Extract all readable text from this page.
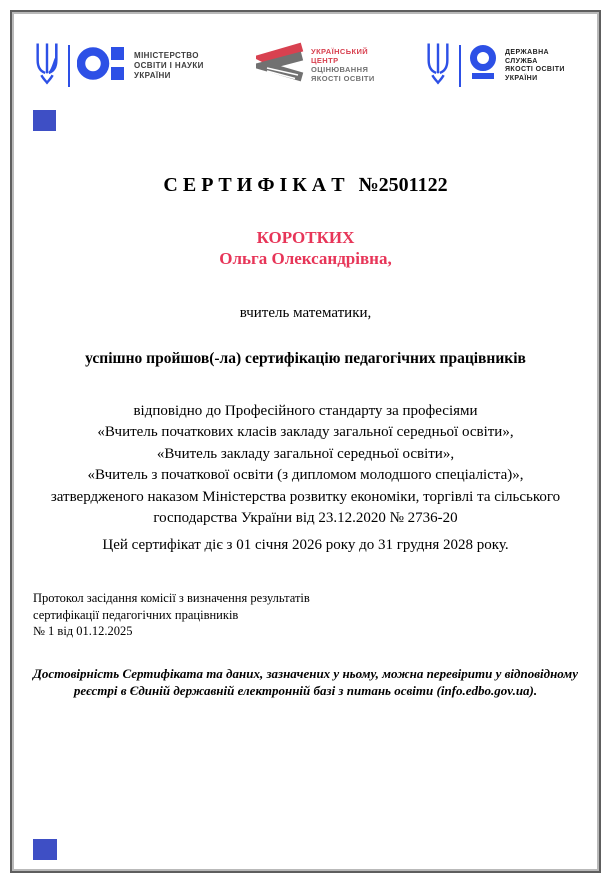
МІНІСТЕРСТВО
ОСВІТИ І НАУКИ
УКРАЇНИ
УКРАЇНСЬКИЙ
ЦЕНТР
ОЦІНЮВАННЯ
ЯКОСТІ ОСВІТИ
ДЕРЖАВНА
СЛУЖБА
ЯКОСТІ ОСВІТИ
УКРАЇНИ
С Е Р Т И Ф І К А Т №2501122
КОРОТКИХ
Ольга Олександрівна,
вчитель математики,
успішно пройшов(-ла) сертифікацію педагогічних працівників
відповідно до Професійного стандарту за професіями
«Вчитель початкових класів закладу загальної середньої освіти»,
«Вчитель закладу загальної середньої освіти»,
«Вчитель з початкової освіти (з дипломом молодшого спеціаліста)»,
затвердженого наказом Міністерства розвитку економіки, торгівлі та сільського
господарства України від 23.12.2020 № 2736-20
Цей сертифікат діє з 01 січня 2026 року до 31 грудня 2028 року.
Протокол засідання комісії з визначення результатів
сертифікації педагогічних працівників
№ 1 від 01.12.2025
Достовірність Сертифіката та даних, зазначених у ньому, можна перевірити у відповідному
реєстрі в Єдиній державній електронній базі з питань освіти (info.edbo.gov.ua).
